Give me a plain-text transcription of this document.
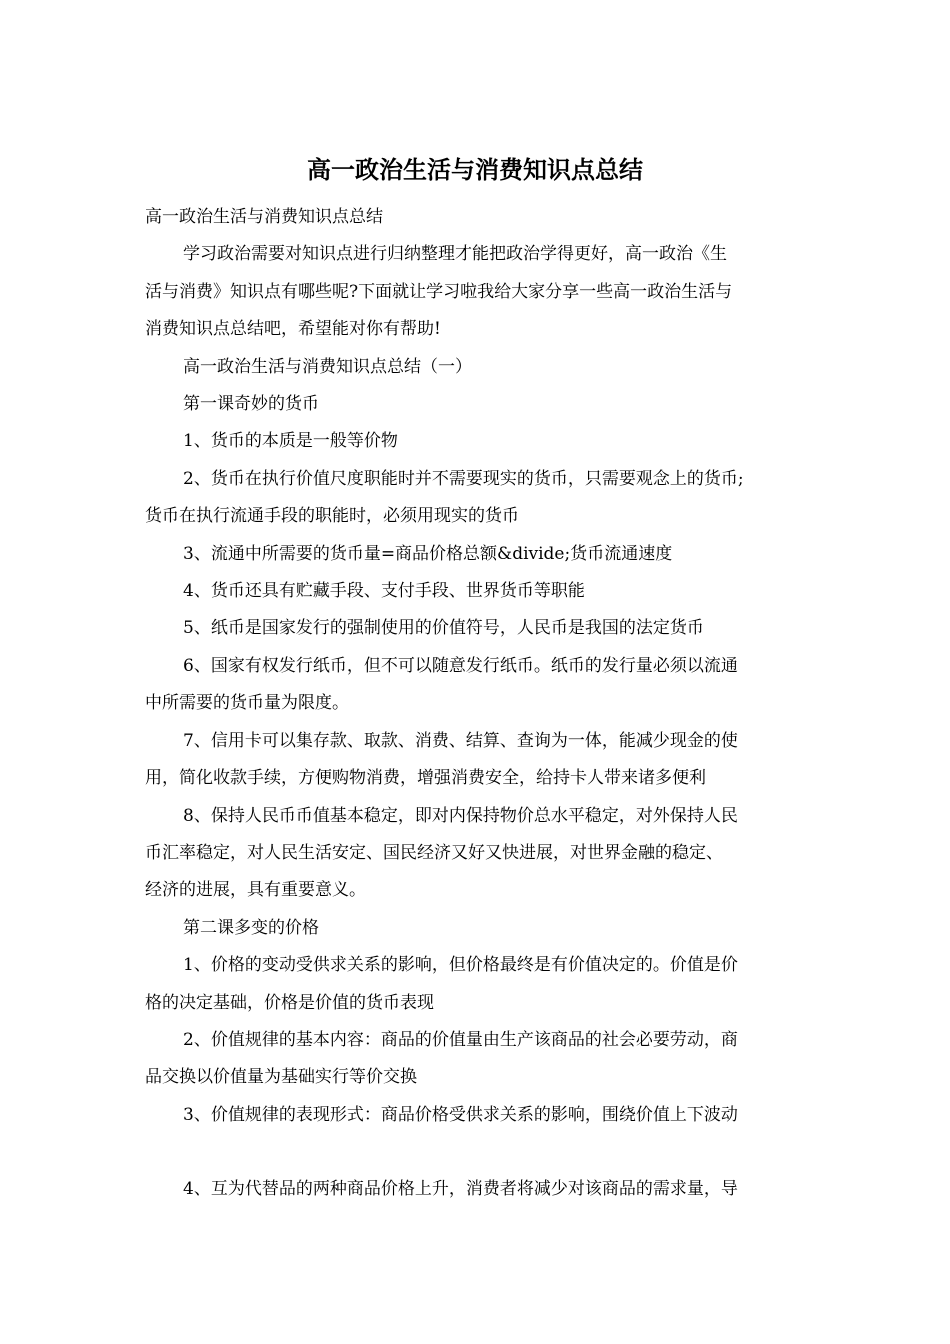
高一政治生活与消费知识点总结

高一政治生活与消费知识点总结

学习政治需要对知识点进行归纳整理才能把政治学得更好，高一政治《生

活与消费》知识点有哪些呢?下面就让学习啦我给大家分享一些高一政治生活与

消费知识点总结吧，希望能对你有帮助!

高一政治生活与消费知识点总结（一）

第一课奇妙的货币

1、货币的本质是一般等价物

2、货币在执行价值尺度职能时并不需要现实的货币，只需要观念上的货币;

货币在执行流通手段的职能时，必须用现实的货币

3、流通中所需要的货币量=商品价格总额&divide;货币流通速度

4、货币还具有贮藏手段、支付手段、世界货币等职能

5、纸币是国家发行的强制使用的价值符号，人民币是我国的法定货币

6、国家有权发行纸币，但不可以随意发行纸币。纸币的发行量必须以流通

中所需要的货币量为限度。

7、信用卡可以集存款、取款、消费、结算、查询为一体，能减少现金的使

用，简化收款手续，方便购物消费，增强消费安全，给持卡人带来诸多便利

8、保持人民币币值基本稳定，即对内保持物价总水平稳定，对外保持人民

币汇率稳定，对人民生活安定、国民经济又好又快进展，对世界金融的稳定、

经济的进展，具有重要意义。

第二课多变的价格

1、价格的变动受供求关系的影响，但价格最终是有价值决定的。价值是价

格的决定基础，价格是价值的货币表现

2、价值规律的基本内容：商品的价值量由生产该商品的社会必要劳动，商

品交换以价值量为基础实行等价交换

3、价值规律的表现形式：商品价格受供求关系的影响，围绕价值上下波动

4、互为代替品的两种商品价格上升，消费者将减少对该商品的需求量，导
